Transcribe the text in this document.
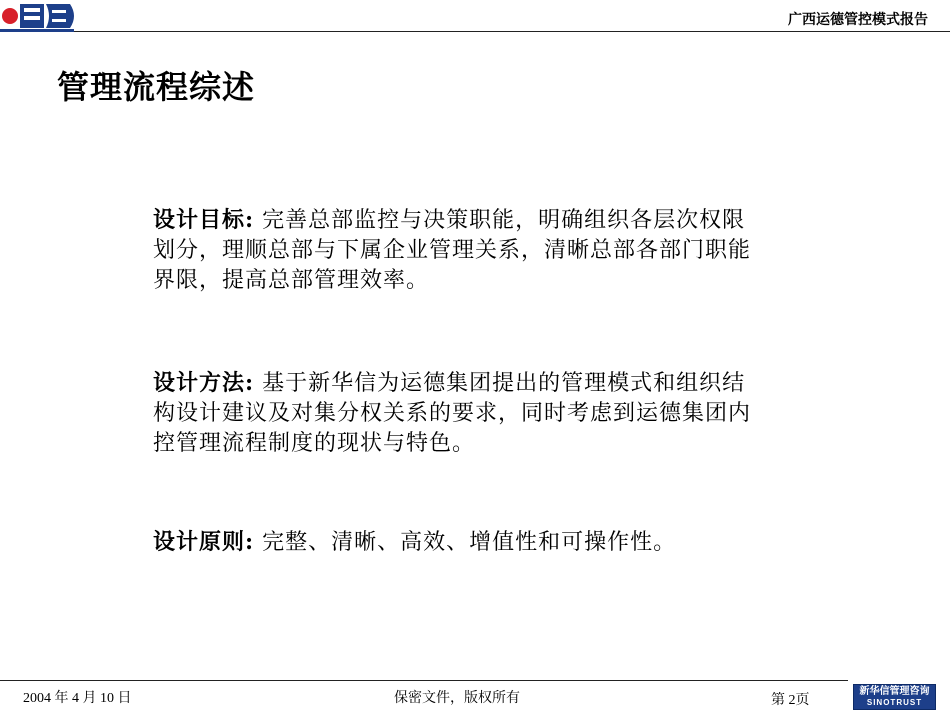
广西运德管控模式报告
管理流程综述
设计目标: 完善总部监控与决策职能，明确组织各层次权限划分，理顺总部与下属企业管理关系，清晰总部各部门职能界限，提高总部管理效率。
设计方法: 基于新华信为运德集团提出的管理模式和组织结构设计建议及对集分权关系的要求，同时考虑到运德集团内控管理流程制度的现状与特色。
设计原则: 完整、清晰、高效、增值性和可操作性。
2004 年 4 月 10 日	保密文件，版权所有	第 2页
新华信管理咨询
SINOTRUST
